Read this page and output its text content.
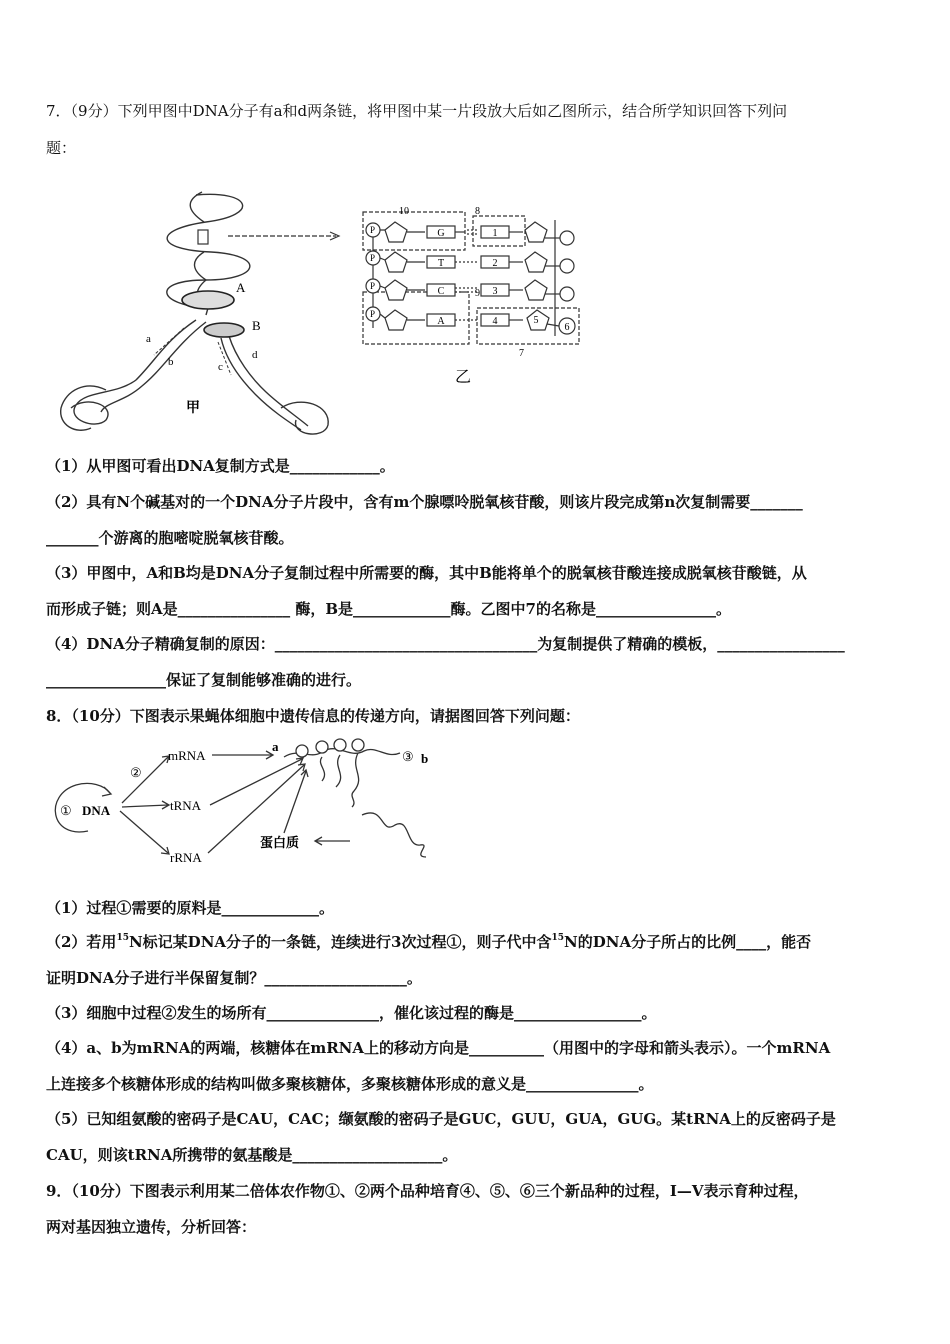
7．（9分）下列甲图中DNA分子有a和d两条链，将甲图中某一片段放大后如乙图所示，结合所学知识回答下列问
题：
A
B
a
b	c
d
甲
10	8
9
7
P
P
P
P
G
T
C
A
1
2
3
4	5
6
乙
（1）从甲图可看出DNA复制方式是____________。
（2）具有N个碱基对的一个DNA分子片段中，含有m个腺嘌呤脱氧核苷酸，则该片段完成第n次复制需要_______
_______个游离的胞嘧啶脱氧核苷酸。
（3）甲图中，A和B均是DNA分子复制过程中所需要的酶，其中B能将单个的脱氧核苷酸连接成脱氧核苷酸链，从
而形成子链；则A是_______________ 酶，B是_____________酶。乙图中7的名称是________________。
（4）DNA分子精确复制的原因：___________________________________为复制提供了精确的模板，_________________
________________保证了复制能够准确的进行。
8．（10分）下图表示果蝇体细胞中遗传信息的传递方向，请据图回答下列问题：
① DNA
②
mRNA
tRNA
rRNA
a
③ b
蛋白质
（1）过程①需要的原料是_____________。
（2）若用$^{15}$N标记某DNA分子的一条链，连续进行3次过程①，则子代中含$^{15}$N的DNA分子所占的比例____，能否
证明DNA分子进行半保留复制？___________________。
（3）细胞中过程②发生的场所有_______________，催化该过程的酶是_________________。
（4）a、b为mRNA的两端，核糖体在mRNA上的移动方向是__________（用图中的字母和箭头表示）。一个mRNA
上连接多个核糖体形成的结构叫做多聚核糖体，多聚核糖体形成的意义是_______________。
（5）已知组氨酸的密码子是CAU，CAC；缬氨酸的密码子是GUC，GUU，GUA，GUG。某tRNA上的反密码子是
CAU，则该tRNA所携带的氨基酸是____________________。
9．（10分）下图表示利用某二倍体农作物①、②两个品种培育④、⑤、⑥三个新品种的过程，Ⅰ—Ⅴ表示育种过程，
两对基因独立遗传，分析回答：
